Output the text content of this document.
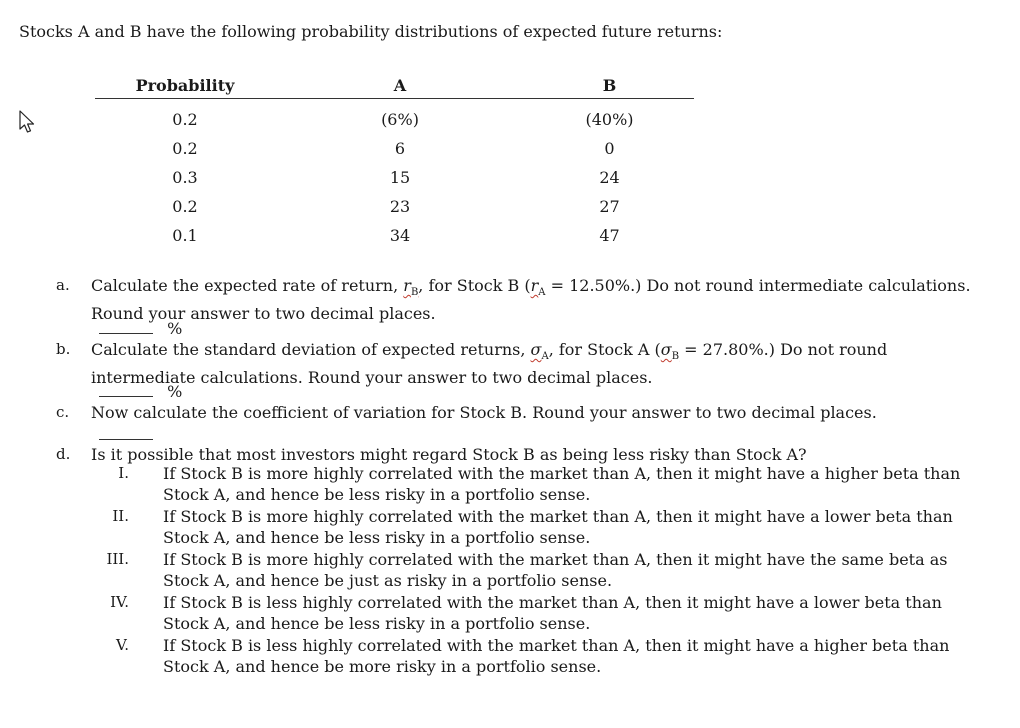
Stocks A and B have the following probability distributions of expected future returns:
Probability	A	B
0.2	(6%)	(40%)
0.2	6	0
0.3	15	24
0.2	23	27
0.1	34	47
a. Calculate the expected rate of return, $r_B$, for Stock B $(r_A = 12.50\%.)$ Do not round intermediate calculations. Round your answer to two decimal places.
%
b. Calculate the standard deviation of expected returns, $\sigma_A$, for Stock A $(\sigma_B = 27.80\%.)$ Do not round intermediate calculations. Round your answer to two decimal places.
%
c. Now calculate the coefficient of variation for Stock B. Round your answer to two decimal places.
d. Is it possible that most investors might regard Stock B as being less risky than Stock A?
I. If Stock B is more highly correlated with the market than A, then it might have a higher beta than Stock A, and hence be less risky in a portfolio sense.
II. If Stock B is more highly correlated with the market than A, then it might have a lower beta than Stock A, and hence be less risky in a portfolio sense.
III. If Stock B is more highly correlated with the market than A, then it might have the same beta as Stock A, and hence be just as risky in a portfolio sense.
IV. If Stock B is less highly correlated with the market than A, then it might have a lower beta than Stock A, and hence be less risky in a portfolio sense.
V. If Stock B is less highly correlated with the market than A, then it might have a higher beta than Stock A, and hence be more risky in a portfolio sense.
